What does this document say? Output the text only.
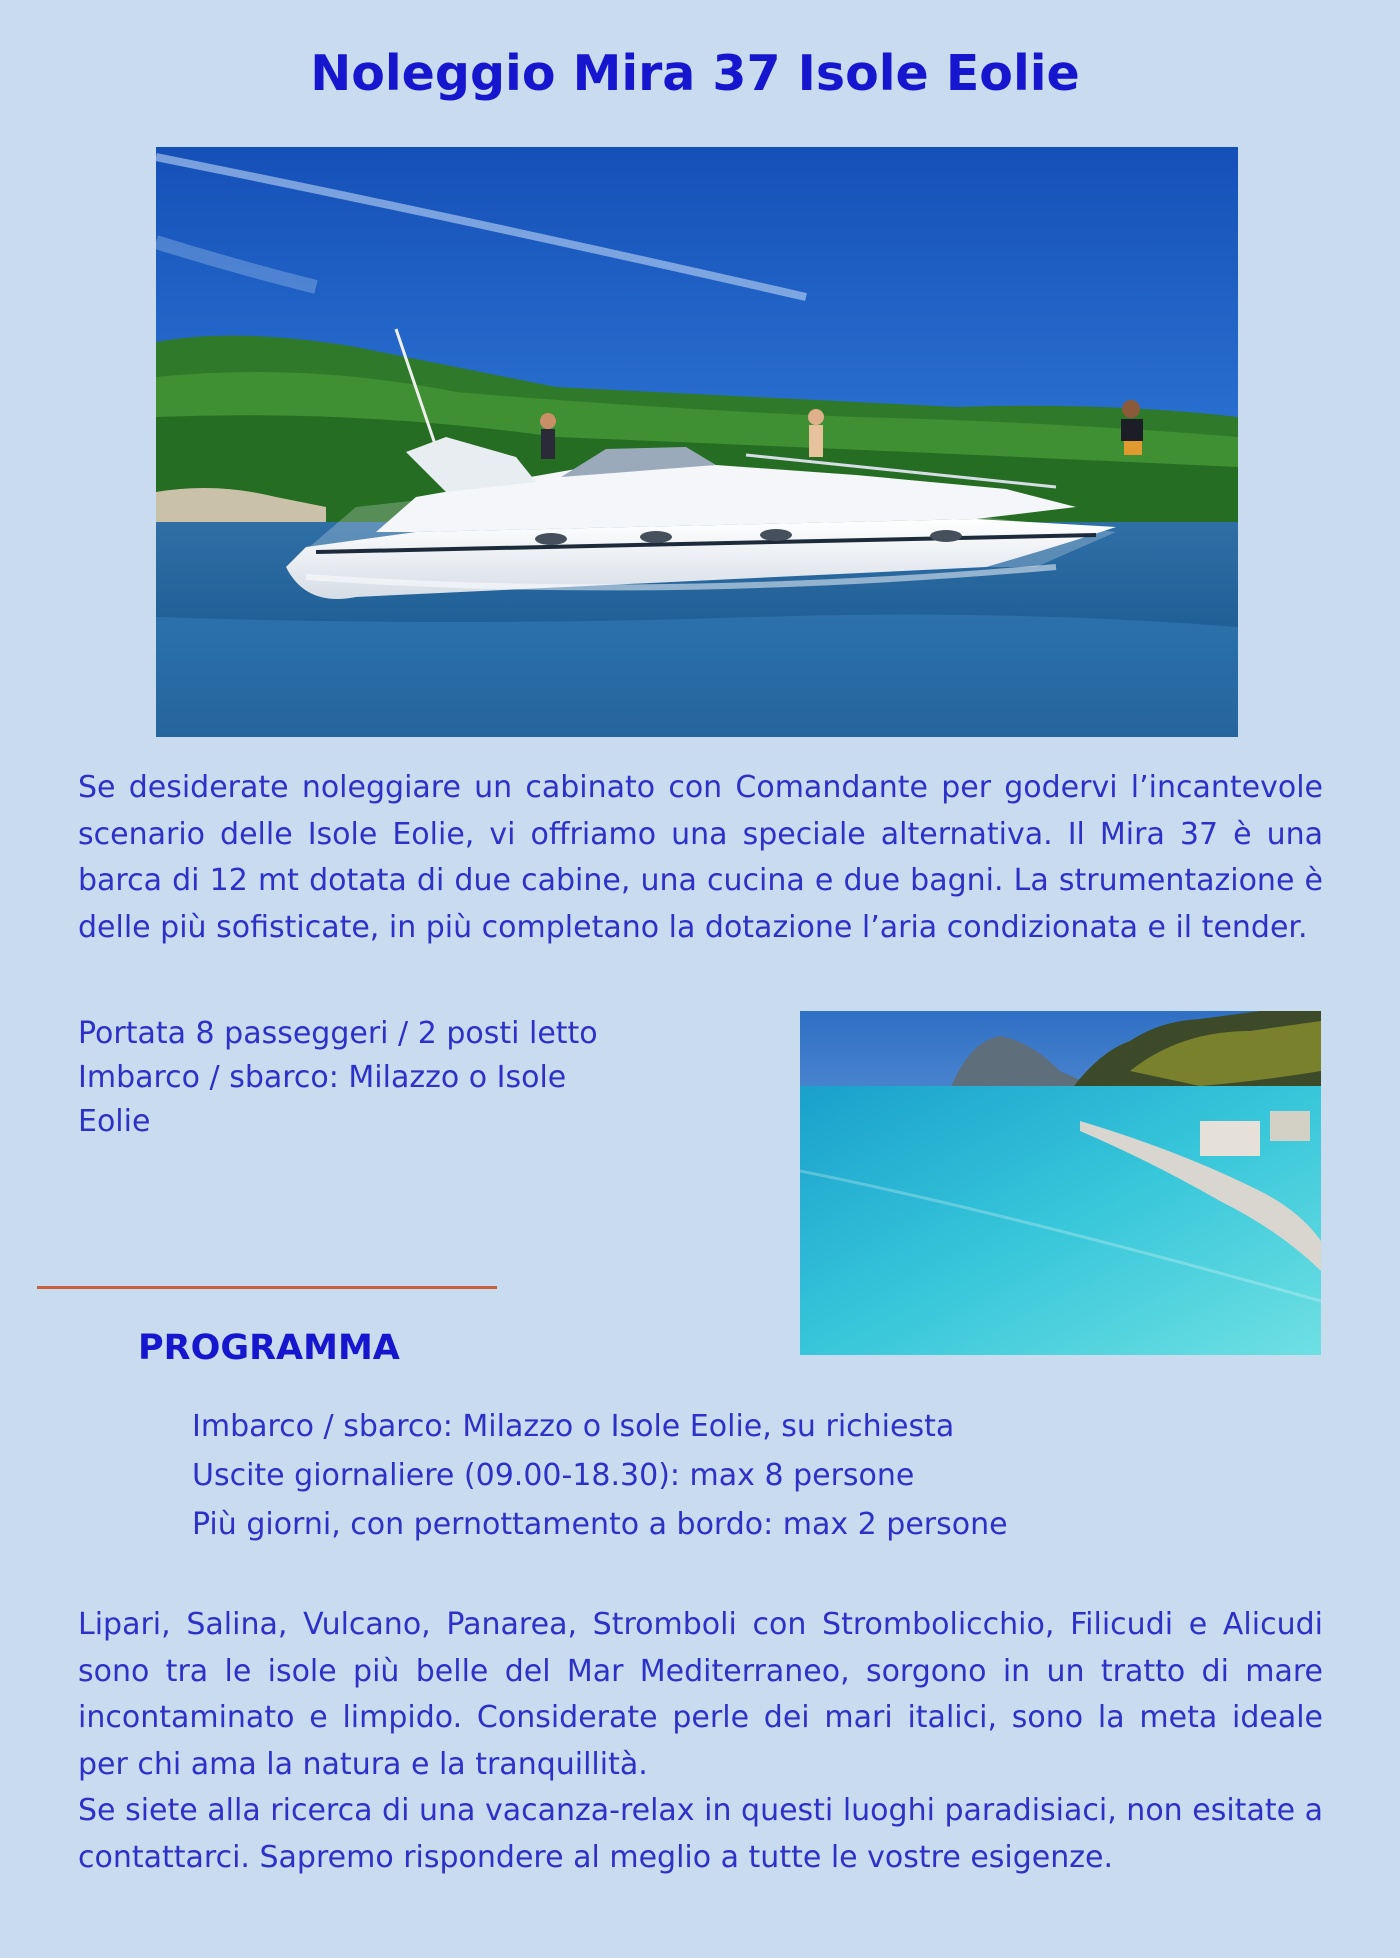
Noleggio Mira 37 Isole Eolie

Se desiderate noleggiare un cabinato con Comandante per godervi l’incantevole scenario delle Isole Eolie, vi offriamo una speciale alternativa. Il Mira 37 è una barca di 12 mt dotata di due cabine, una cucina e due bagni. La strumentazione è delle più sofisticate, in più completano la dotazione l’aria condizionata e il tender.

Portata 8 passeggeri / 2 posti letto
Imbarco / sbarco: Milazzo o Isole Eolie
PROGRAMMA
Imbarco / sbarco: Milazzo o Isole Eolie, su richiesta
Uscite giornaliere (09.00-18.30): max 8 persone
Più giorni, con pernottamento a bordo: max 2 persone

Lipari, Salina, Vulcano, Panarea, Stromboli con Strombolicchio, Filicudi e Alicudi sono tra le isole più belle del Mar Mediterraneo, sorgono in un tratto di mare incontaminato e limpido. Considerate perle dei mari italici, sono la meta ideale per chi ama la natura e la tranquillità.

Se siete alla ricerca di una vacanza-relax in questi luoghi paradisiaci, non esitate a contattarci. Sapremo rispondere al meglio a tutte le vostre esigenze.
